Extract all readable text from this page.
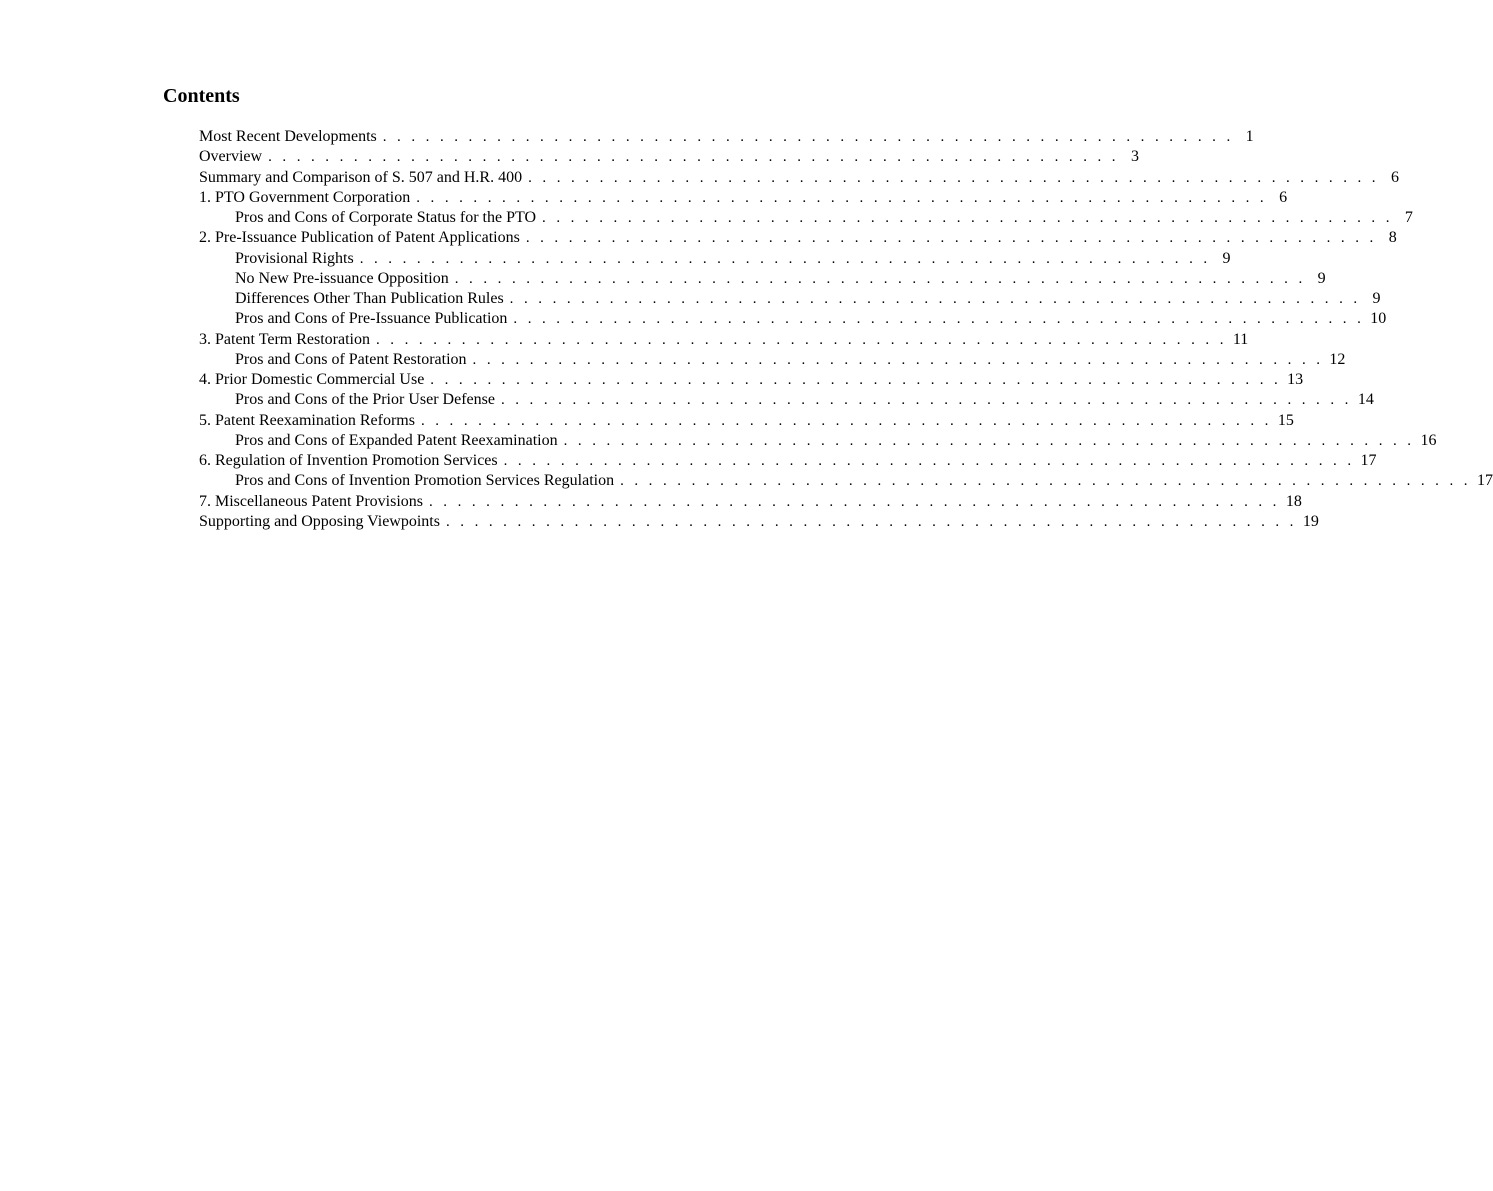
Contents
Most Recent Developments . . . . . . . . . . . . . . . . . . . . . . . . . . . . . . . . . . . . . . . . . . . . . . . . . . . . . . . . . . . . 1
Overview . . . . . . . . . . . . . . . . . . . . . . . . . . . . . . . . . . . . . . . . . . . . . . . . . . . . . . . . . . . . 3
Summary and Comparison of S. 507 and H.R. 400 . . . . . . . . . . . . . . . . . . . . . . . . . . . . . . . . . . . . . . . . . . . . . . . . . . . . . . . . . . . . 6
1. PTO Government Corporation . . . . . . . . . . . . . . . . . . . . . . . . . . . . . . . . . . . . . . . . . . . . . . . . . . . . . . . . . . . . 6
Pros and Cons of Corporate Status for the PTO . . . . . . . . . . . . . . . . . . . . . . . . . . . . . . . . . . . . . . . . . . . . . . . . . . . . . . . . . . . . 7
2. Pre-Issuance Publication of Patent Applications . . . . . . . . . . . . . . . . . . . . . . . . . . . . . . . . . . . . . . . . . . . . . . . . . . . . . . . . . . . . 8
Provisional Rights . . . . . . . . . . . . . . . . . . . . . . . . . . . . . . . . . . . . . . . . . . . . . . . . . . . . . . . . . . . . 9
No New Pre-issuance Opposition . . . . . . . . . . . . . . . . . . . . . . . . . . . . . . . . . . . . . . . . . . . . . . . . . . . . . . . . . . . . 9
Differences Other Than Publication Rules . . . . . . . . . . . . . . . . . . . . . . . . . . . . . . . . . . . . . . . . . . . . . . . . . . . . . . . . . . . . 9
Pros and Cons of Pre-Issuance Publication . . . . . . . . . . . . . . . . . . . . . . . . . . . . . . . . . . . . . . . . . . . . . . . . . . . . . . . . . . . . 10
3. Patent Term Restoration . . . . . . . . . . . . . . . . . . . . . . . . . . . . . . . . . . . . . . . . . . . . . . . . . . . . . . . . . . . . 11
Pros and Cons of Patent Restoration . . . . . . . . . . . . . . . . . . . . . . . . . . . . . . . . . . . . . . . . . . . . . . . . . . . . . . . . . . . . 12
4. Prior Domestic Commercial Use . . . . . . . . . . . . . . . . . . . . . . . . . . . . . . . . . . . . . . . . . . . . . . . . . . . . . . . . . . . . 13
Pros and Cons of the Prior User Defense . . . . . . . . . . . . . . . . . . . . . . . . . . . . . . . . . . . . . . . . . . . . . . . . . . . . . . . . . . . . 14
5. Patent Reexamination Reforms . . . . . . . . . . . . . . . . . . . . . . . . . . . . . . . . . . . . . . . . . . . . . . . . . . . . . . . . . . . . 15
Pros and Cons of Expanded Patent Reexamination . . . . . . . . . . . . . . . . . . . . . . . . . . . . . . . . . . . . . . . . . . . . . . . . . . . . . . . . . . . . 16
6. Regulation of Invention Promotion Services . . . . . . . . . . . . . . . . . . . . . . . . . . . . . . . . . . . . . . . . . . . . . . . . . . . . . . . . . . . . 17
Pros and Cons of Invention Promotion Services Regulation . . . . . . . . . . . . . . . . . . . . . . . . . . . . . . . . . . . . . . . . . . . . . . . . . . . . . . . . . . . . 17
7. Miscellaneous Patent Provisions . . . . . . . . . . . . . . . . . . . . . . . . . . . . . . . . . . . . . . . . . . . . . . . . . . . . . . . . . . . . 18
Supporting and Opposing Viewpoints . . . . . . . . . . . . . . . . . . . . . . . . . . . . . . . . . . . . . . . . . . . . . . . . . . . . . . . . . . . . 19
